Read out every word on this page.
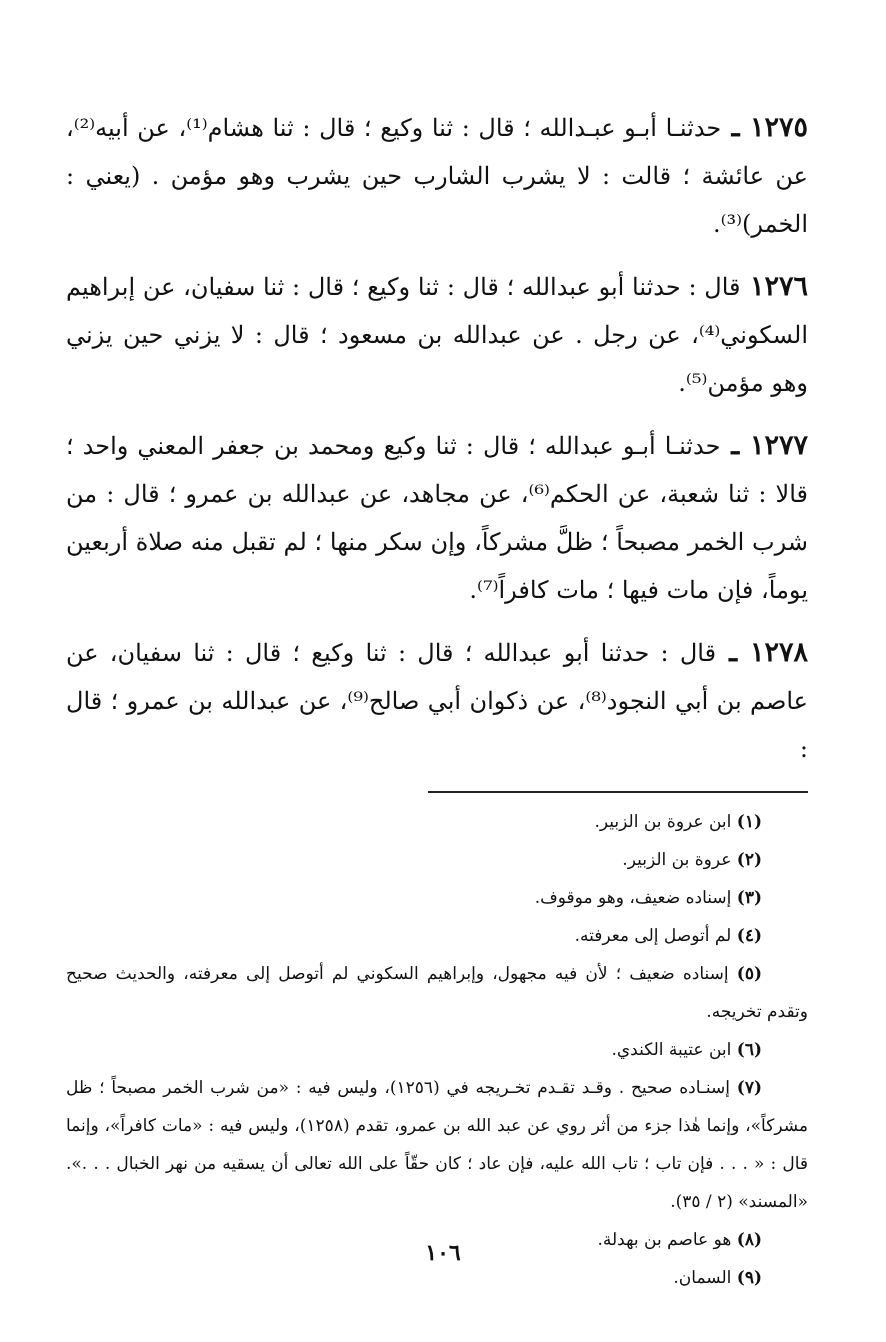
١٢٧٥ ـ حدثنـا أبـو عبـدالله ؛ قال : ثنا وكيع ؛ قال : ثنا هشام⁽¹⁾، عن أبيه⁽²⁾، عن عائشة ؛ قالت : لا يشرب الشارب حين يشرب وهو مؤمن . (يعني : الخمر)⁽³⁾.

١٢٧٦ قال : حدثنا أبو عبدالله ؛ قال : ثنا وكيع ؛ قال : ثنا سفيان، عن إبراهيم السكوني⁽⁴⁾، عن رجل . عن عبدالله بن مسعود ؛ قال : لا يزني حين يزني وهو مؤمن⁽⁵⁾.

١٢٧٧ ـ حدثنـا أبـو عبدالله ؛ قال : ثنا وكيع ومحمد بن جعفر المعني واحد ؛ قالا : ثنا شعبة، عن الحكم⁽⁶⁾، عن مجاهد، عن عبدالله بن عمرو ؛ قال : من شرب الخمر مصبحاً ؛ ظلَّ مشركاً، وإن سكر منها ؛ لم تقبل منه صلاة أربعين يوماً، فإن مات فيها ؛ مات كافراً⁽⁷⁾.

١٢٧٨ ـ قال : حدثنا أبو عبدالله ؛ قال : ثنا وكيع ؛ قال : ثنا سفيان، عن عاصم بن أبي النجود⁽⁸⁾، عن ذكوان أبي صالح⁽⁹⁾، عن عبدالله بن عمرو ؛ قال :

(١) ابن عروة بن الزبير.

(٢) عروة بن الزبير.

(٣) إسناده ضعيف، وهو موقوف.

(٤) لم أتوصل إلى معرفته.

(٥) إسناده ضعيف ؛ لأن فيه مجهول، وإبراهيم السكوني لم أتوصل إلى معرفته، والحديث صحيح وتقدم تخريجه.

(٦) ابن عتيبة الكندي.

(٧) إسنـاده صحيح . وقـد تقـدم تخـريجه في (١٢٥٦)، وليس فيه : «من شرب الخمر مصبحاً ؛ ظل مشركاً»، وإنما هٰذا جزء من أثر روي عن عبد الله بن عمرو، تقدم (١٢٥٨)، وليس فيه : «مات كافراً»، وإنما قال : « . . . فإن تاب ؛ تاب الله عليه، فإن عاد ؛ كان حقّاً على الله تعالى أن يسقيه من نهر الخبال . . .». «المسند» (٢ / ٣٥).

(٨) هو عاصم بن بهدلة.

(٩) السمان.

١٠٦
